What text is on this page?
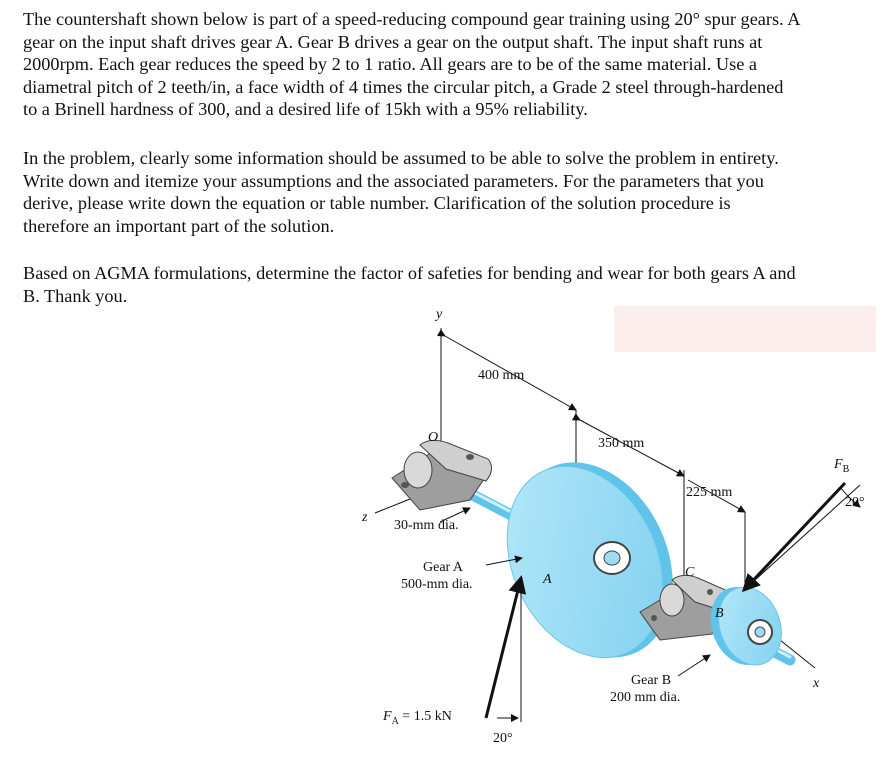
The countershaft shown below is part of a speed-reducing compound gear training using 20° spur gears. A
gear on the input shaft drives gear A. Gear B drives a gear on the output shaft. The input shaft runs at
2000rpm. Each gear reduces the speed by 2 to 1 ratio. All gears are to be of the same material. Use a
diametral pitch of 2 teeth/in, a face width of 4 times the circular pitch, a Grade 2 steel through-hardened
to a Brinell hardness of 300, and a desired life of 15kh with a 95% reliability.
In the problem, clearly some information should be assumed to be able to solve the problem in entirety.
Write down and itemize your assumptions and the associated parameters. For the parameters that you
derive, please write down the equation or table number. Clarification of the solution procedure is
therefore an important part of the solution.
Based on AGMA formulations, determine the factor of safeties for bending and wear for both gears A and
B. Thank you.
y
z
x
O
400 mm
350 mm
225 mm
30-mm dia.
Gear A
500-mm dia.	A	C
B
Gear B
200 mm dia.
$F_A = 1.5$ kN
20°
$F_B$
20°
